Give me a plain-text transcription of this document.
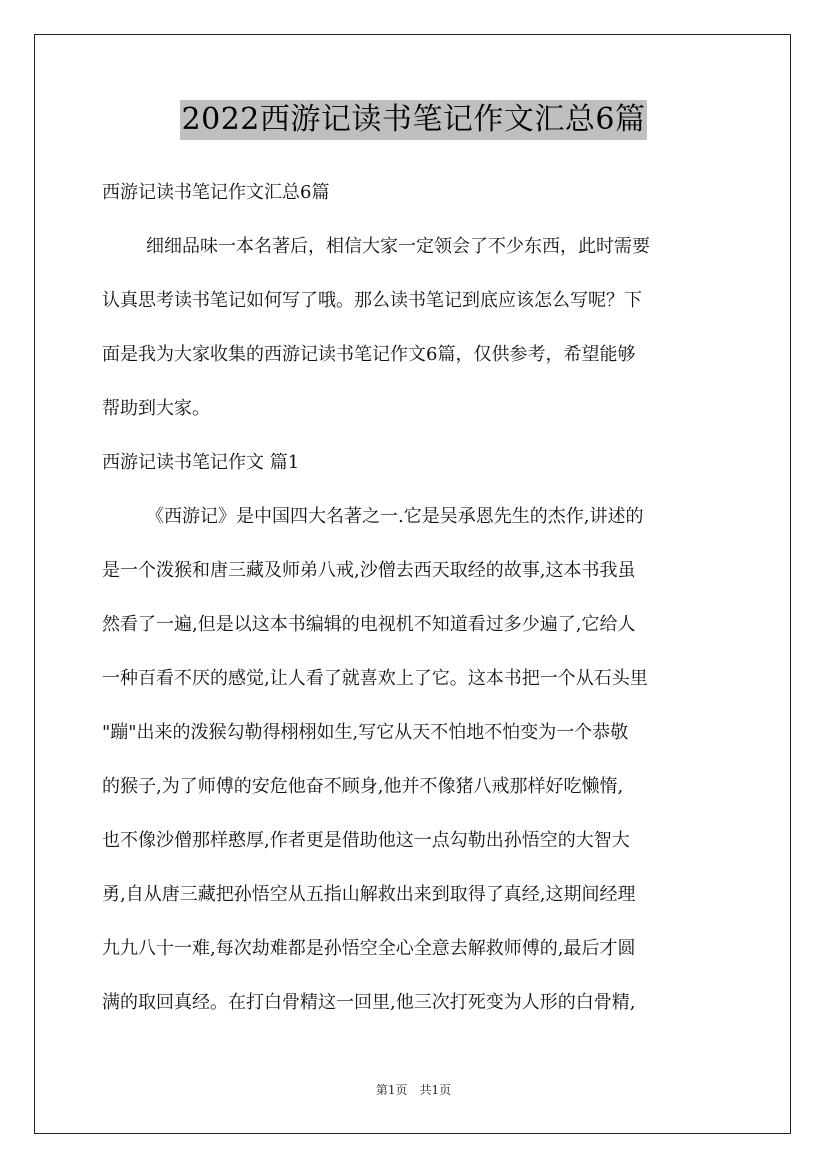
2022西游记读书笔记作文汇总6篇
西游记读书笔记作文汇总6篇
细细品味一本名著后，相信大家一定领会了不少东西，此时需要
认真思考读书笔记如何写了哦。那么读书笔记到底应该怎么写呢？下
面是我为大家收集的西游记读书笔记作文6篇，仅供参考，希望能够
帮助到大家。
西游记读书笔记作文 篇1
《西游记》是中国四大名著之一.它是吴承恩先生的杰作,讲述的
是一个泼猴和唐三藏及师弟八戒,沙僧去西天取经的故事,这本书我虽
然看了一遍,但是以这本书编辑的电视机不知道看过多少遍了,它给人
一种百看不厌的感觉,让人看了就喜欢上了它。这本书把一个从石头里
"蹦"出来的泼猴勾勒得栩栩如生,写它从天不怕地不怕变为一个恭敬
的猴子,为了师傅的安危他奋不顾身,他并不像猪八戒那样好吃懒惰,
也不像沙僧那样憨厚,作者更是借助他这一点勾勒出孙悟空的大智大
勇,自从唐三藏把孙悟空从五指山解救出来到取得了真经,这期间经理
九九八十一难,每次劫难都是孙悟空全心全意去解救师傅的,最后才圆
满的取回真经。在打白骨精这一回里,他三次打死变为人形的白骨精,
第1页 共1页
